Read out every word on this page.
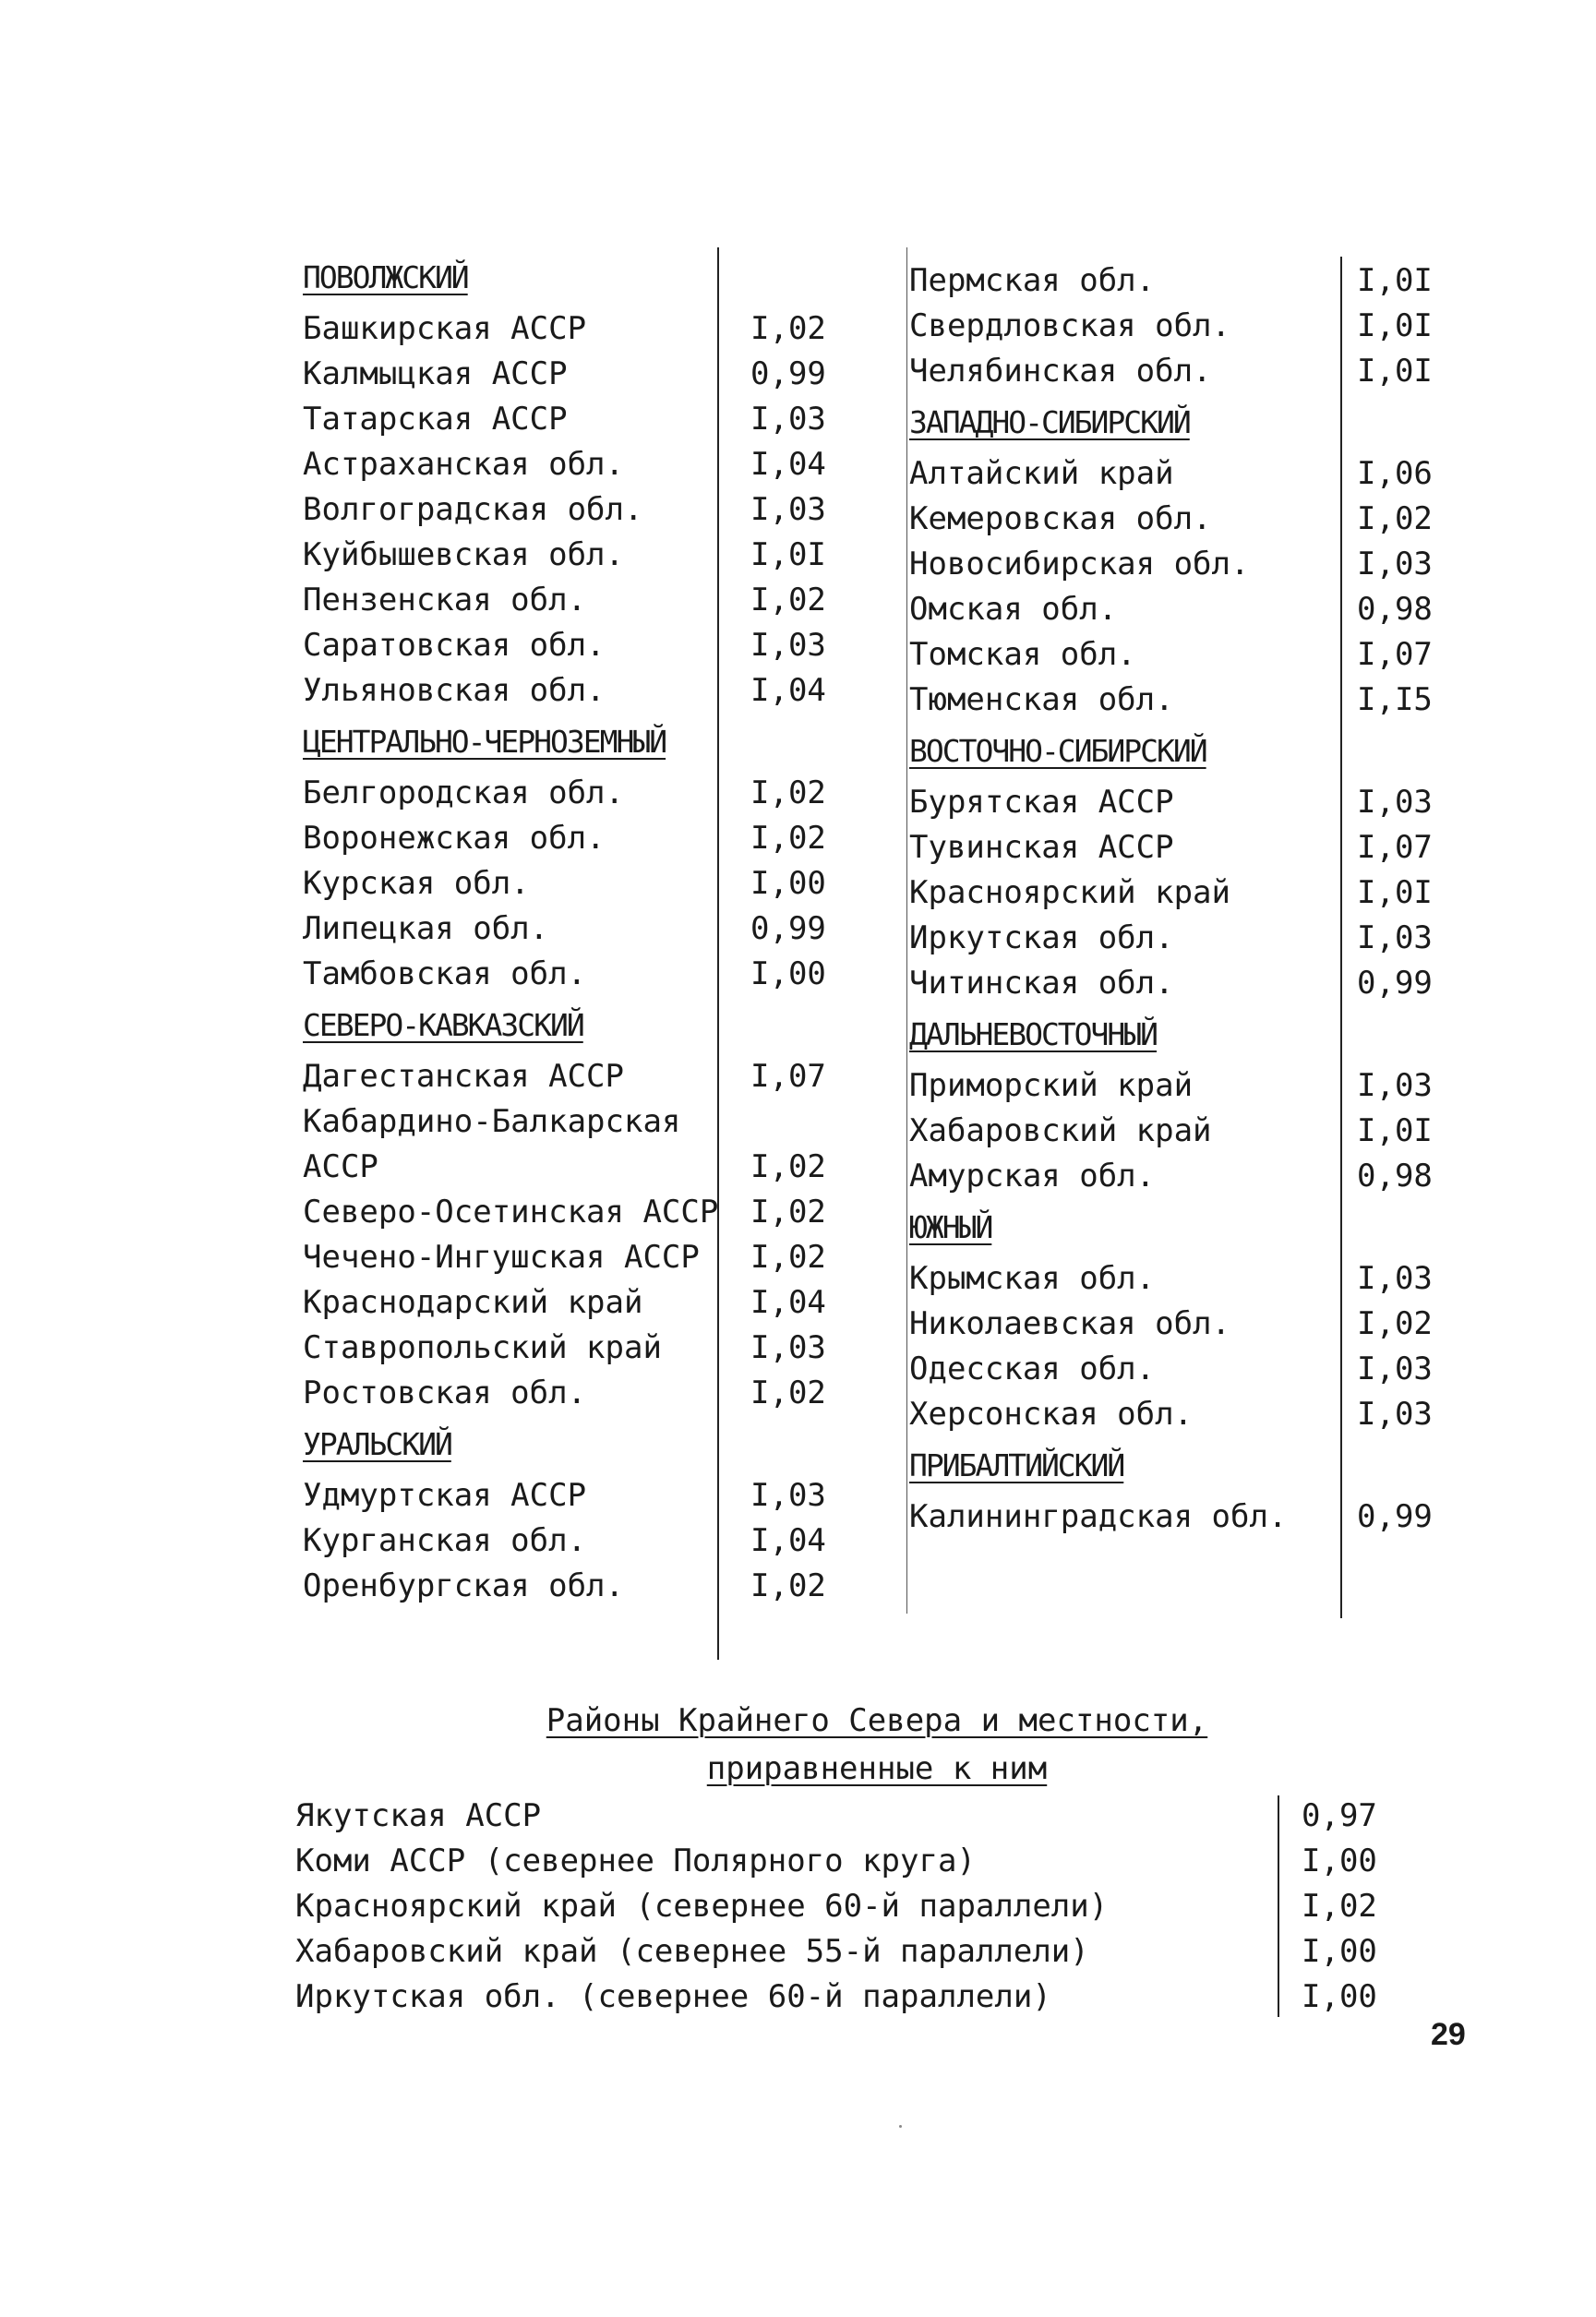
ПОВОЛЖСКИЙ
Башкирская АССР	I,02
Калмыцкая АССР	0,99
Татарская АССР	I,03
Астраханская обл.	I,04
Волгоградская обл.	I,03
Куйбышевская обл.	I,0I
Пензенская обл.	I,02
Саратовская обл.	I,03
Ульяновская обл.	I,04
ЦЕНТРАЛЬНО-ЧЕРНОЗЕМНЫЙ
Белгородская обл.	I,02
Воронежская обл.	I,02
Курская обл.	I,00
Липецкая обл.	0,99
Тамбовская обл.	I,00
СЕВЕРО-КАВКАЗСКИЙ
Дагестанская АССР	I,07
Кабардино-Балкарская АССР	I,02
Северо-Осетинская АССР I,02
Чечено-Ингушская АССР I,02
Краснодарский край	I,04
Ставропольский край	I,03
Ростовская обл.	I,02
УРАЛЬСКИЙ
Удмуртская АССР	I,03
Курганская обл.	I,04
Оренбургская обл.	I,02
Пермская обл.	I,0I
Свердловская обл.	I,0I
Челябинская обл.	I,0I
ЗАПАДНО-СИБИРСКИЙ
Алтайский край	I,06
Кемеровская обл.	I,02
Новосибирская обл.	I,03
Омская обл.	0,98
Томская обл.	I,07
Тюменская обл.	I,I5
ВОСТОЧНО-СИБИРСКИЙ
Бурятская АССР	I,03
Тувинская АССР	I,07
Красноярский край	I,0I
Иркутская обл.	I,03
Читинская обл.	0,99
ДАЛЬНЕВОСТОЧНЫЙ
Приморский край	I,03
Хабаровский край	I,0I
Амурская обл.	0,98
ЮЖНЫЙ
Крымская обл.	I,03
Николаевская обл.	I,02
Одесская обл.	I,03
Херсонская обл.	I,03
ПРИБАЛТИЙСКИЙ
Калининградская обл. 0,99
Районы Крайнего Севера и местности,
приравненные к ним
Якутская АССР	0,97
Коми АССР (севернее Полярного круга)	I,00
Красноярский край (севернее 60-й параллели)	I,02
Хабаровский край (севернее 55-й параллели)	I,00
Иркутская обл. (севернее 60-й параллели)	I,00
29
